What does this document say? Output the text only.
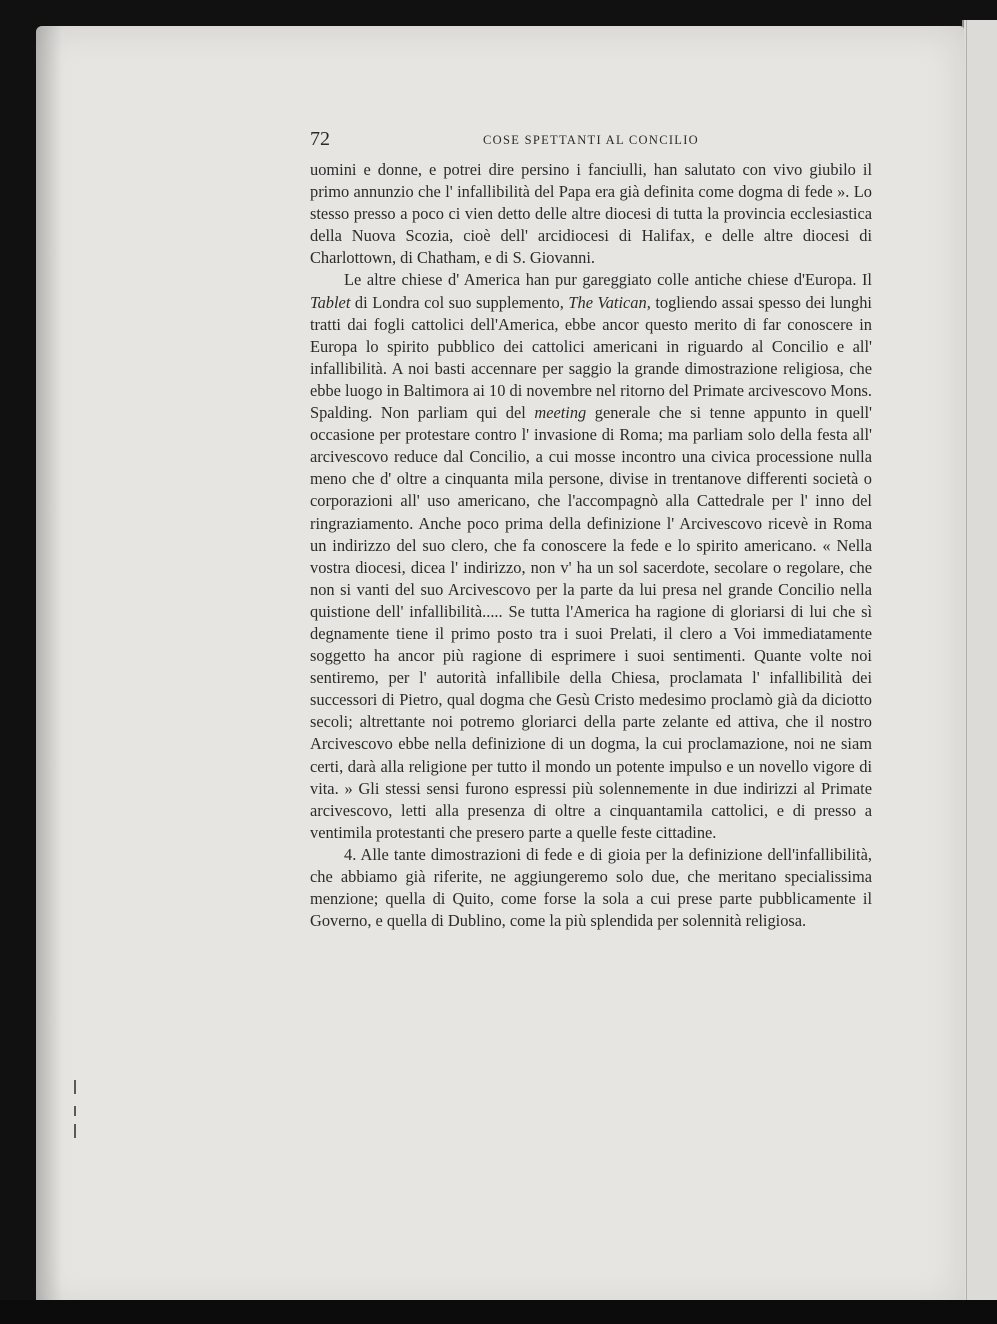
72	COSE SPETTANTI AL CONCILIO

uomini e donne, e potrei dire persino i fanciulli, han salutato con vivo giubilo il primo annunzio che l' infallibilità del Papa era già definita come dogma di fede ». Lo stesso presso a poco ci vien detto delle altre diocesi di tutta la provincia ecclesiastica della Nuova Scozia, cioè dell' arcidiocesi di Halifax, e delle altre diocesi di Charlottown, di Chatham, e di S. Giovanni.

Le altre chiese d' America han pur gareggiato colle antiche chiese d'Europa. Il Tablet di Londra col suo supplemento, The Vatican, togliendo assai spesso dei lunghi tratti dai fogli cattolici dell'America, ebbe ancor questo merito di far conoscere in Europa lo spirito pubblico dei cattolici americani in riguardo al Concilio e all' infallibilità. A noi basti accennare per saggio la grande dimostrazione religiosa, che ebbe luogo in Baltimora ai 10 di novembre nel ritorno del Primate arcivescovo Mons. Spalding. Non parliam qui del meeting generale che si tenne appunto in quell' occasione per protestare contro l' invasione di Roma; ma parliam solo della festa all' arcivescovo reduce dal Concilio, a cui mosse incontro una civica processione nulla meno che d' oltre a cinquanta mila persone, divise in trentanove differenti società o corporazioni all' uso americano, che l'accompagnò alla Cattedrale per l' inno del ringraziamento. Anche poco prima della definizione l' Arcivescovo ricevè in Roma un indirizzo del suo clero, che fa conoscere la fede e lo spirito americano. « Nella vostra diocesi, dicea l' indirizzo, non v' ha un sol sacerdote, secolare o regolare, che non si vanti del suo Arcivescovo per la parte da lui presa nel grande Concilio nella quistione dell' infallibilità..... Se tutta l'America ha ragione di gloriarsi di lui che sì degnamente tiene il primo posto tra i suoi Prelati, il clero a Voi immediatamente soggetto ha ancor più ragione di esprimere i suoi sentimenti. Quante volte noi sentiremo, per l' autorità infallibile della Chiesa, proclamata l' infallibilità dei successori di Pietro, qual dogma che Gesù Cristo medesimo proclamò già da diciotto secoli; altrettante noi potremo gloriarci della parte zelante ed attiva, che il nostro Arcivescovo ebbe nella definizione di un dogma, la cui proclamazione, noi ne siam certi, darà alla religione per tutto il mondo un potente impulso e un novello vigore di vita. » Gli stessi sensi furono espressi più solennemente in due indirizzi al Primate arcivescovo, letti alla presenza di oltre a cinquantamila cattolici, e di presso a ventimila protestanti che presero parte a quelle feste cittadine.

4. Alle tante dimostrazioni di fede e di gioia per la definizione dell'infallibilità, che abbiamo già riferite, ne aggiungeremo solo due, che meritano specialissima menzione; quella di Quito, come forse la sola a cui prese parte pubblicamente il Governo, e quella di Dublino, come la più splendida per solennità religiosa.
